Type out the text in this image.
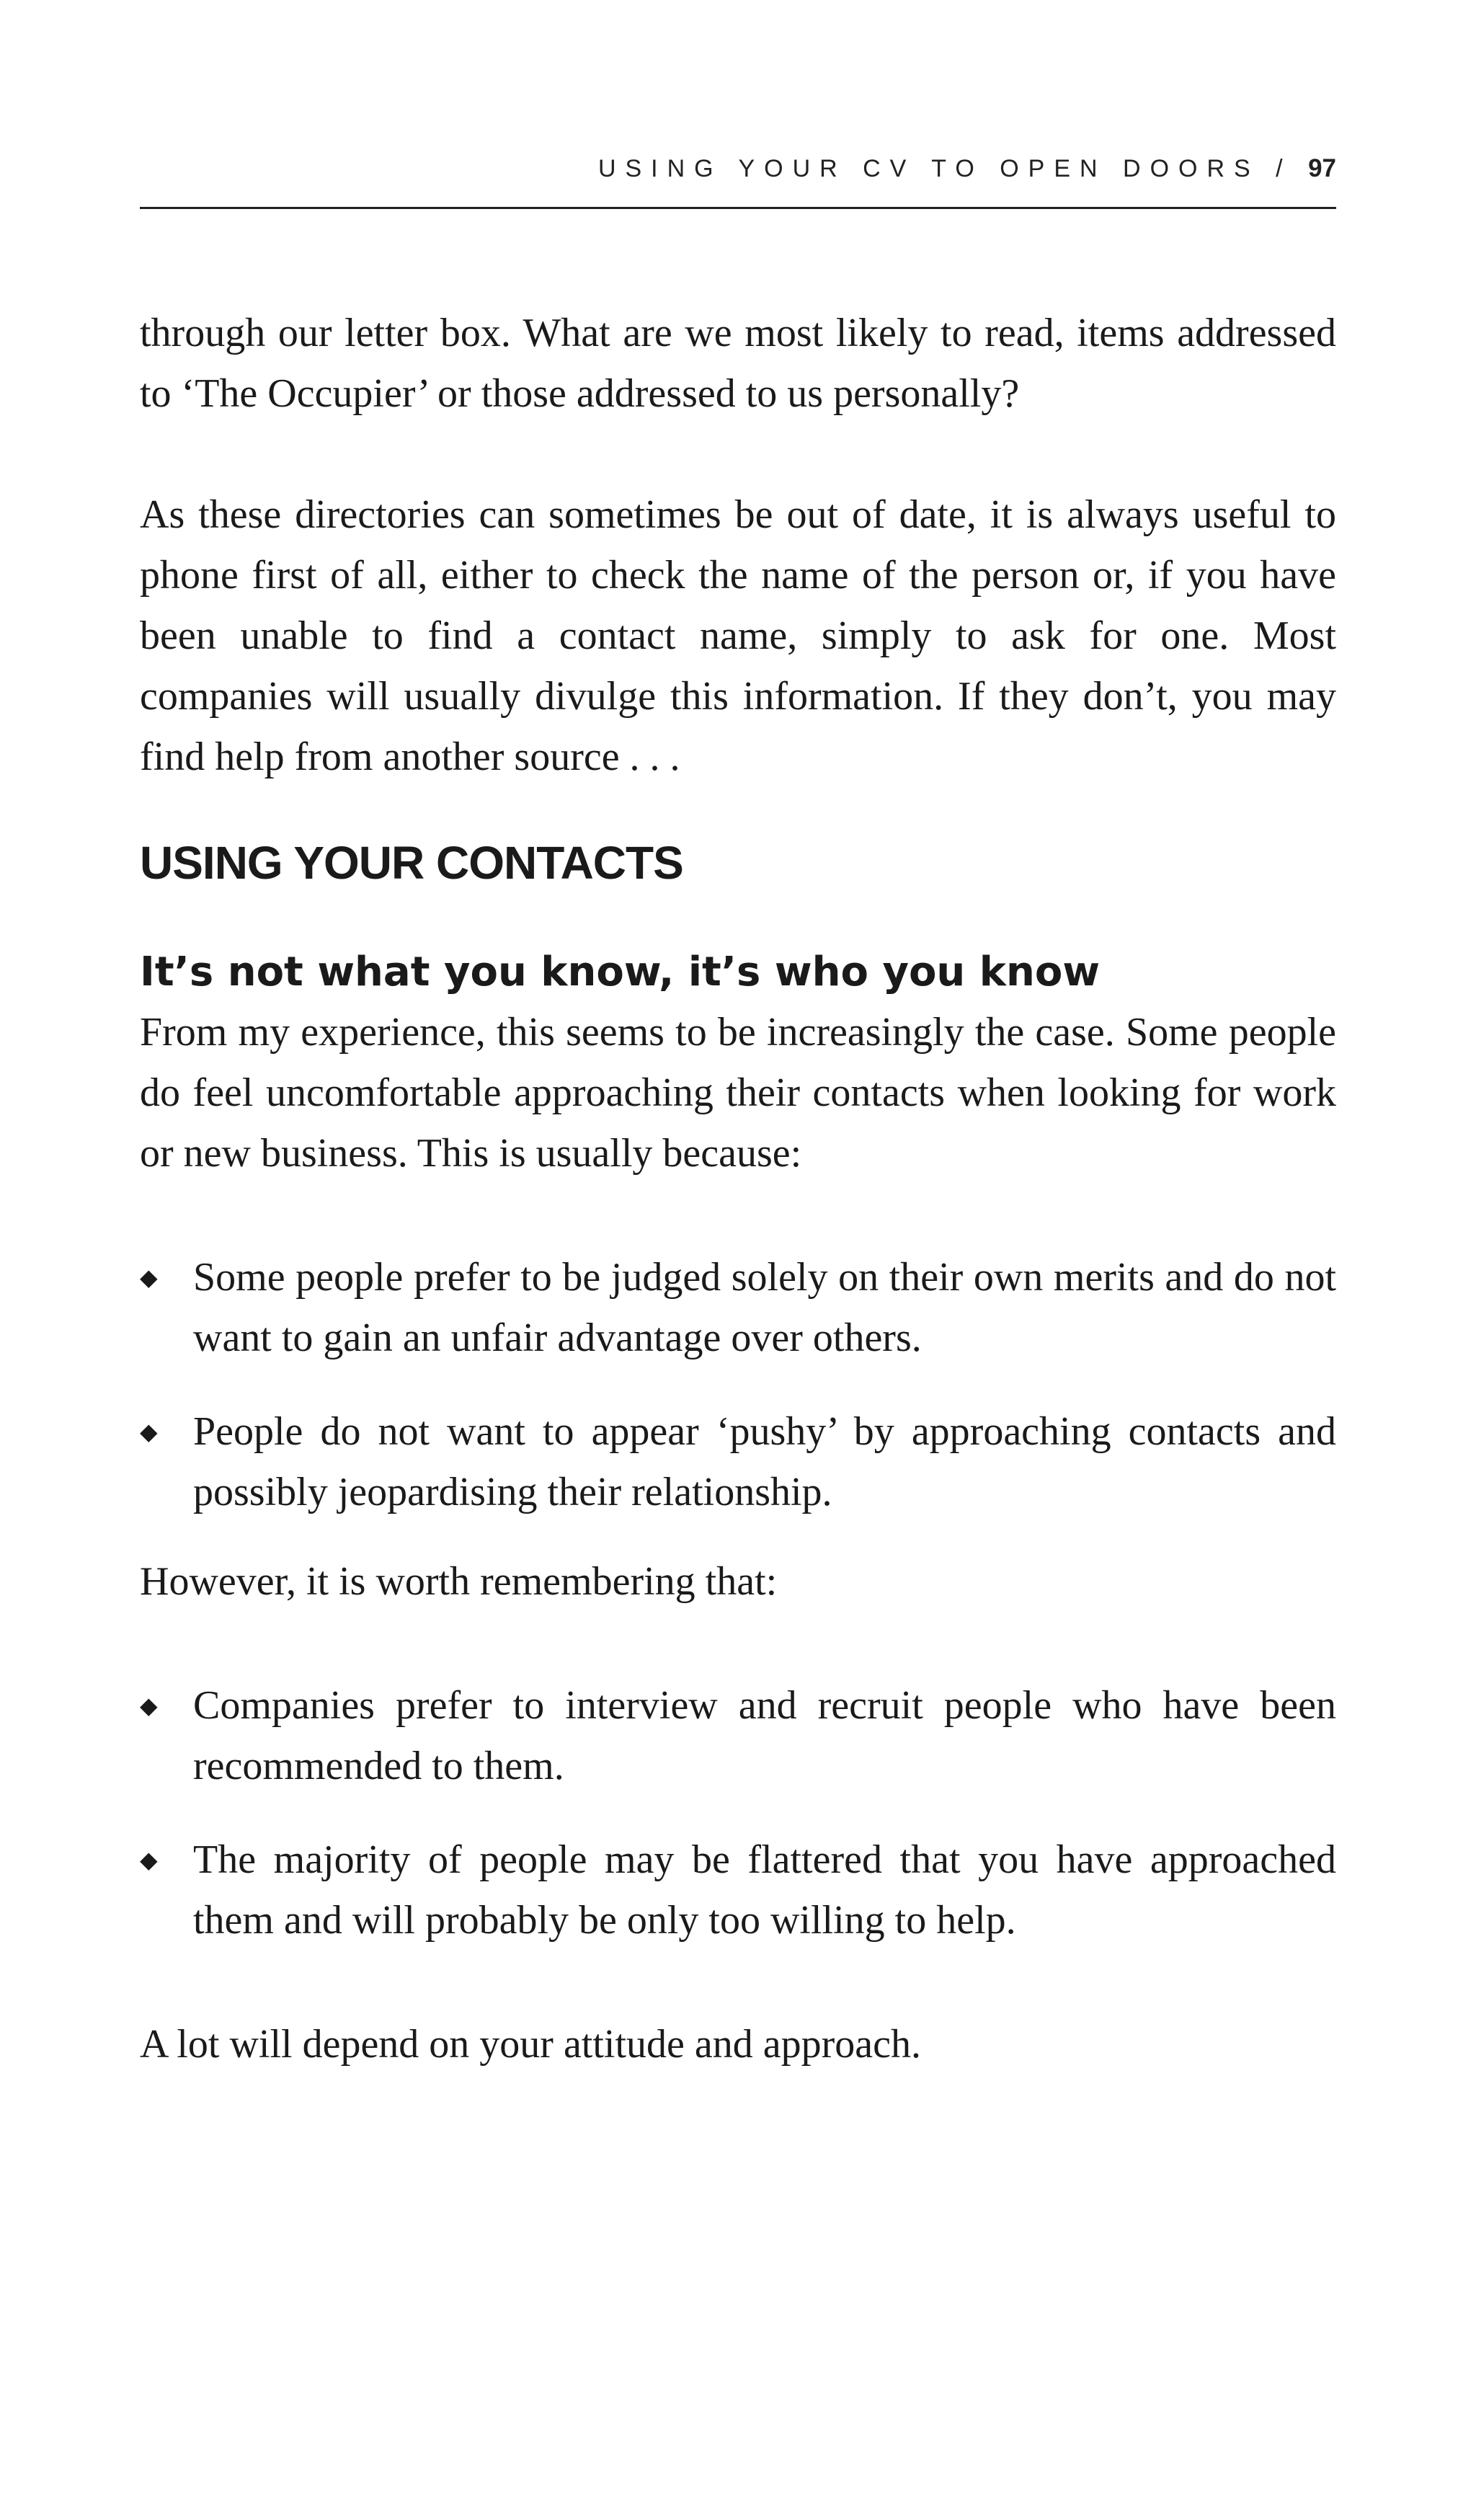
USING YOUR CV TO OPEN DOORS / 97

through our letter box. What are we most likely to read, items addressed to ‘The Occupier’ or those addressed to us personally?

As these directories can sometimes be out of date, it is always useful to phone first of all, either to check the name of the person or, if you have been unable to find a contact name, simply to ask for one. Most companies will usually divulge this information. If they don’t, you may find help from another source . . .

USING YOUR CONTACTS
It’s not what you know, it’s who you know

From my experience, this seems to be increasingly the case. Some people do feel uncomfortable approaching their contacts when looking for work or new business. This is usually because:

◆ Some people prefer to be judged solely on their own merits and do not want to gain an unfair advantage over others.
◆ People do not want to appear ‘pushy’ by approaching contacts and possibly jeopardising their relationship.

However, it is worth remembering that:

◆ Companies prefer to interview and recruit people who have been recommended to them.
◆ The majority of people may be flattered that you have approached them and will probably be only too willing to help.

A lot will depend on your attitude and approach.
